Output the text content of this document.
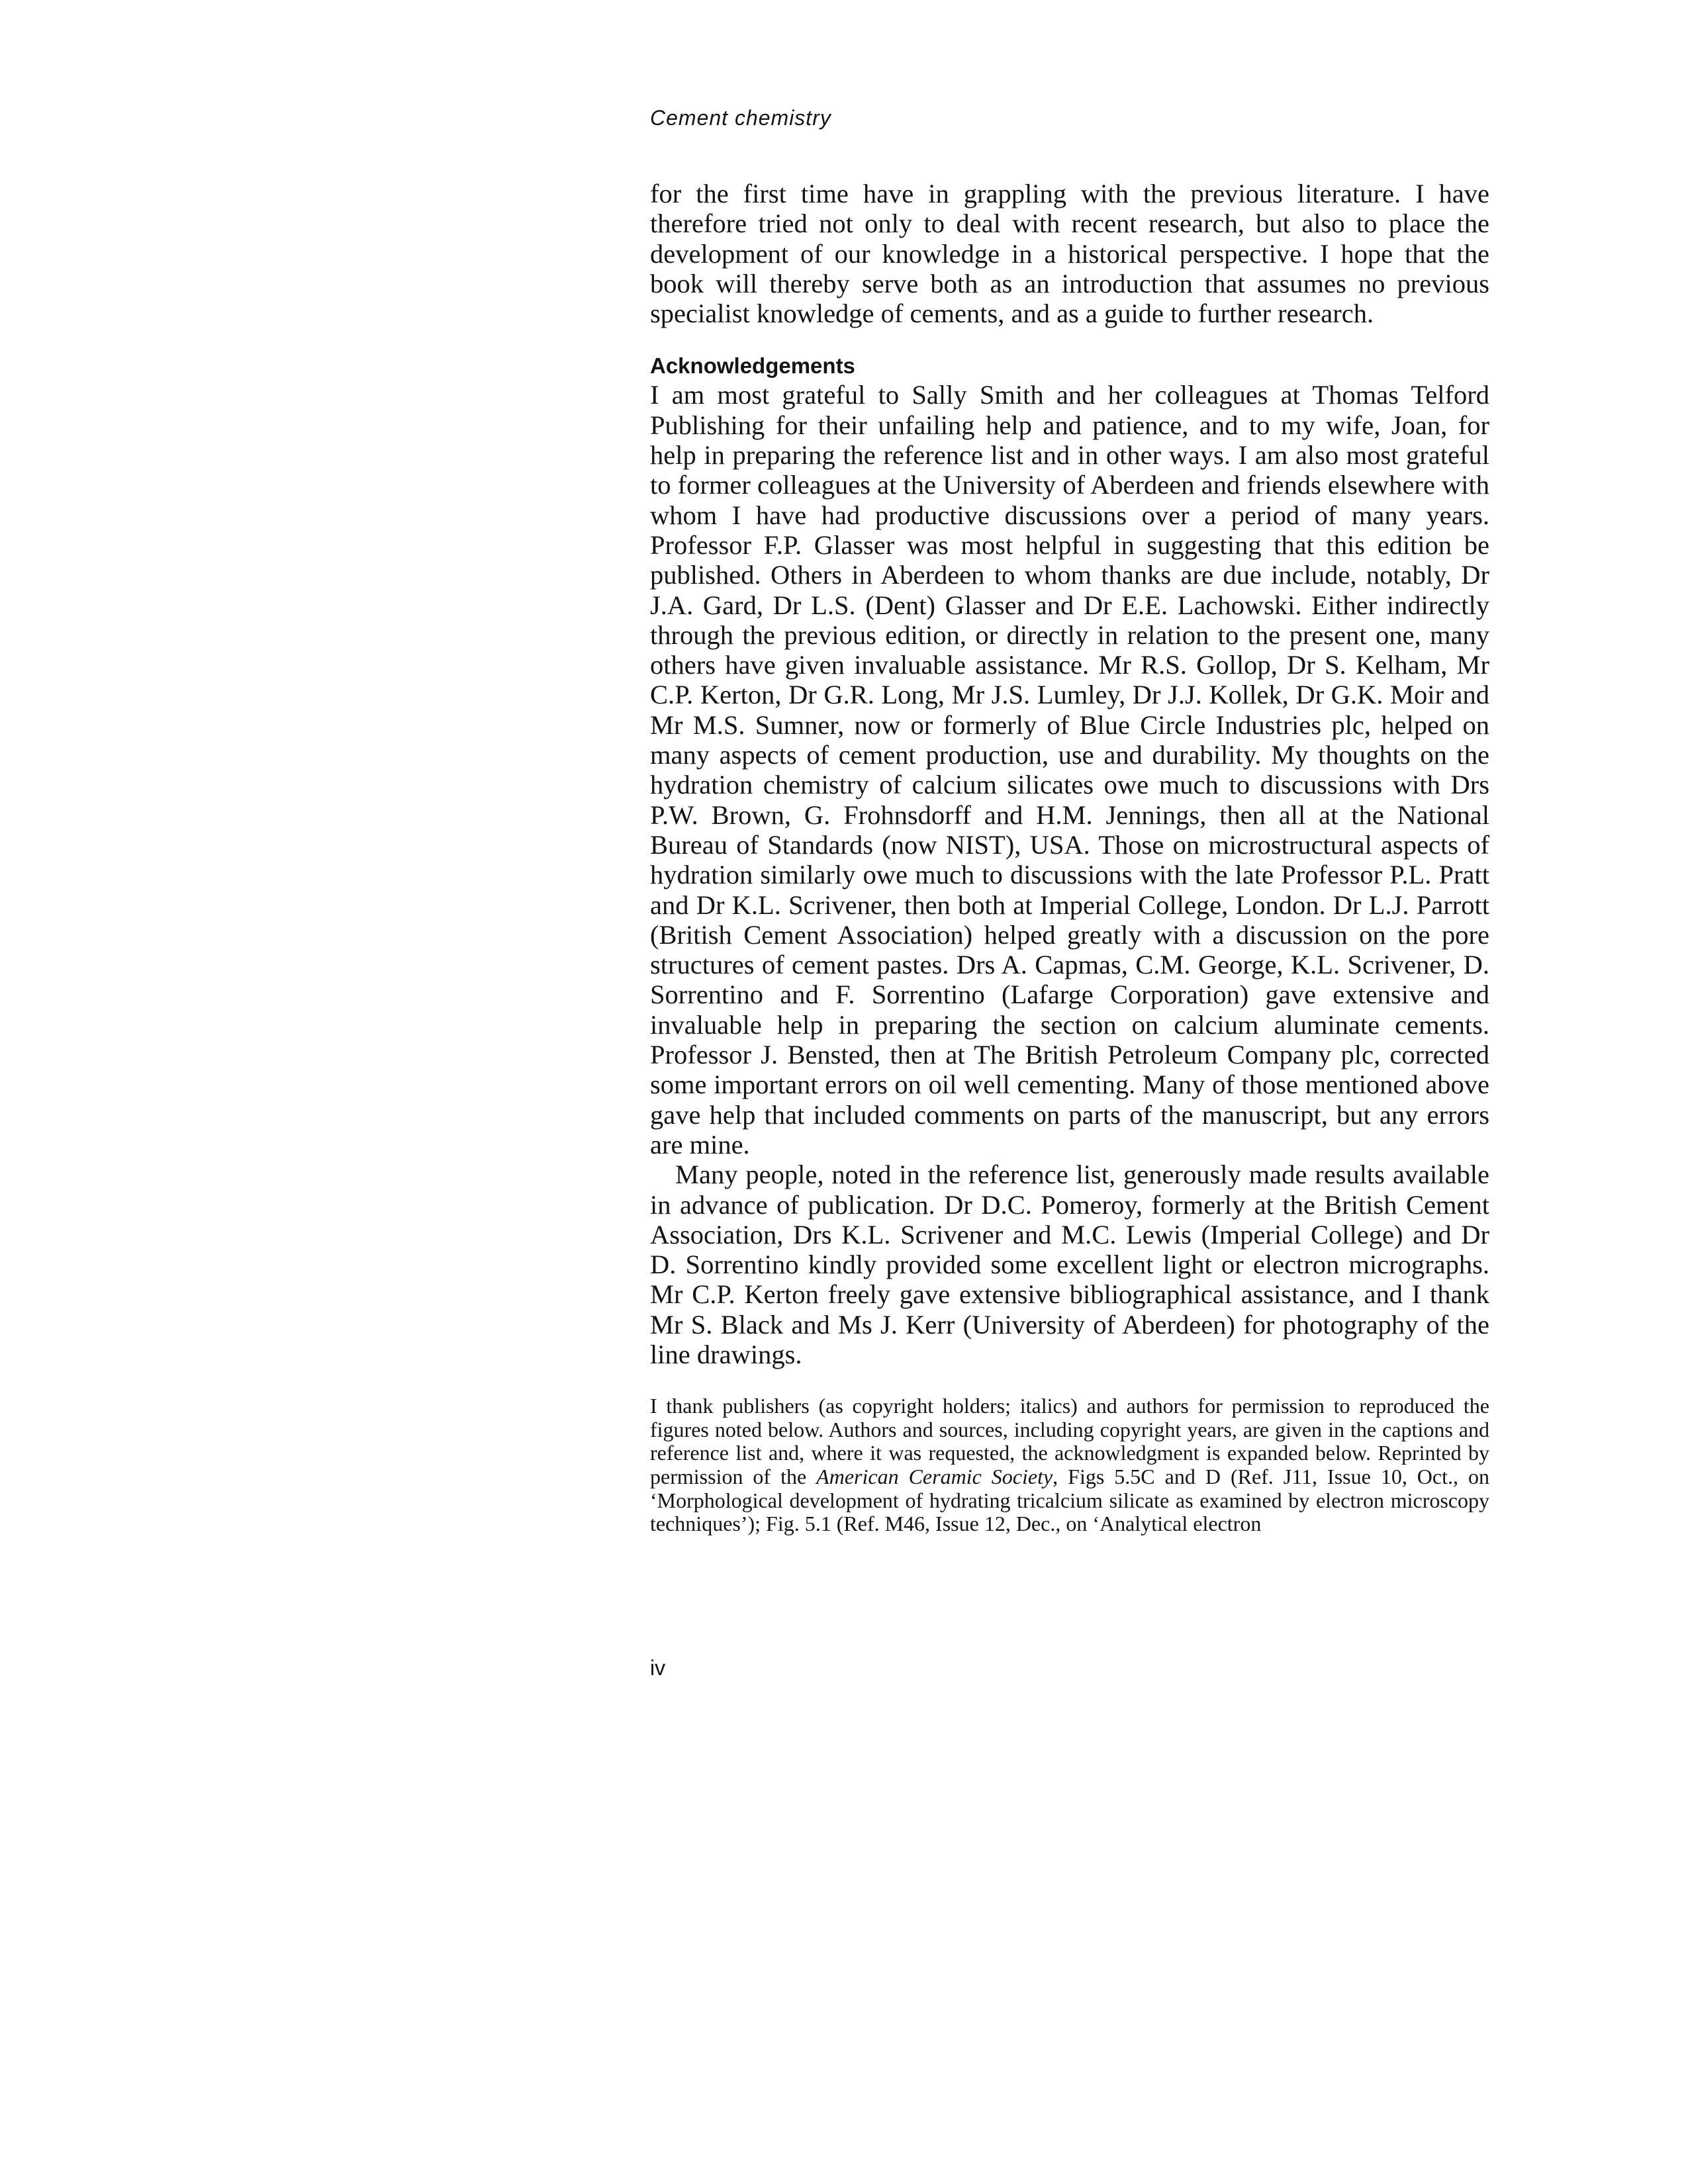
Cement chemistry

for the first time have in grappling with the previous literature. I have therefore tried not only to deal with recent research, but also to place the development of our knowledge in a historical perspective. I hope that the book will thereby serve both as an introduction that assumes no previous specialist knowledge of cements, and as a guide to further research.

Acknowledgements

I am most grateful to Sally Smith and her colleagues at Thomas Telford Publishing for their unfailing help and patience, and to my wife, Joan, for help in preparing the reference list and in other ways. I am also most grateful to former colleagues at the University of Aberdeen and friends elsewhere with whom I have had productive discussions over a period of many years. Professor F.P. Glasser was most helpful in suggesting that this edition be published. Others in Aberdeen to whom thanks are due include, notably, Dr J.A. Gard, Dr L.S. (Dent) Glasser and Dr E.E. Lachowski. Either indirectly through the previous edition, or directly in relation to the present one, many others have given invaluable assistance. Mr R.S. Gollop, Dr S. Kelham, Mr C.P. Kerton, Dr G.R. Long, Mr J.S. Lumley, Dr J.J. Kollek, Dr G.K. Moir and Mr M.S. Sumner, now or formerly of Blue Circle Industries plc, helped on many aspects of cement production, use and durability. My thoughts on the hydration chemistry of calcium silicates owe much to discussions with Drs P.W. Brown, G. Frohnsdorff and H.M. Jennings, then all at the National Bureau of Standards (now NIST), USA. Those on microstructural aspects of hydration similarly owe much to discussions with the late Professor P.L. Pratt and Dr K.L. Scrivener, then both at Imperial College, London. Dr L.J. Parrott (British Cement Association) helped greatly with a discussion on the pore structures of cement pastes. Drs A. Capmas, C.M. George, K.L. Scrivener, D. Sorrentino and F. Sorrentino (Lafarge Corporation) gave extensive and invaluable help in preparing the section on calcium aluminate cements. Professor J. Bensted, then at The British Petroleum Company plc, corrected some important errors on oil well cementing. Many of those mentioned above gave help that included comments on parts of the manuscript, but any errors are mine.

Many people, noted in the reference list, generously made results available in advance of publication. Dr D.C. Pomeroy, formerly at the British Cement Association, Drs K.L. Scrivener and M.C. Lewis (Imperial College) and Dr D. Sorrentino kindly provided some excellent light or electron micrographs. Mr C.P. Kerton freely gave extensive bibliographical assistance, and I thank Mr S. Black and Ms J. Kerr (University of Aberdeen) for photography of the line drawings.

I thank publishers (as copyright holders; italics) and authors for permission to reproduced the figures noted below. Authors and sources, including copyright years, are given in the captions and reference list and, where it was requested, the acknowledgment is expanded below. Reprinted by permission of the American Ceramic Society, Figs 5.5C and D (Ref. J11, Issue 10, Oct., on ‘Morphological development of hydrating tricalcium silicate as examined by electron microscopy techniques’); Fig. 5.1 (Ref. M46, Issue 12, Dec., on ‘Analytical electron

iv
